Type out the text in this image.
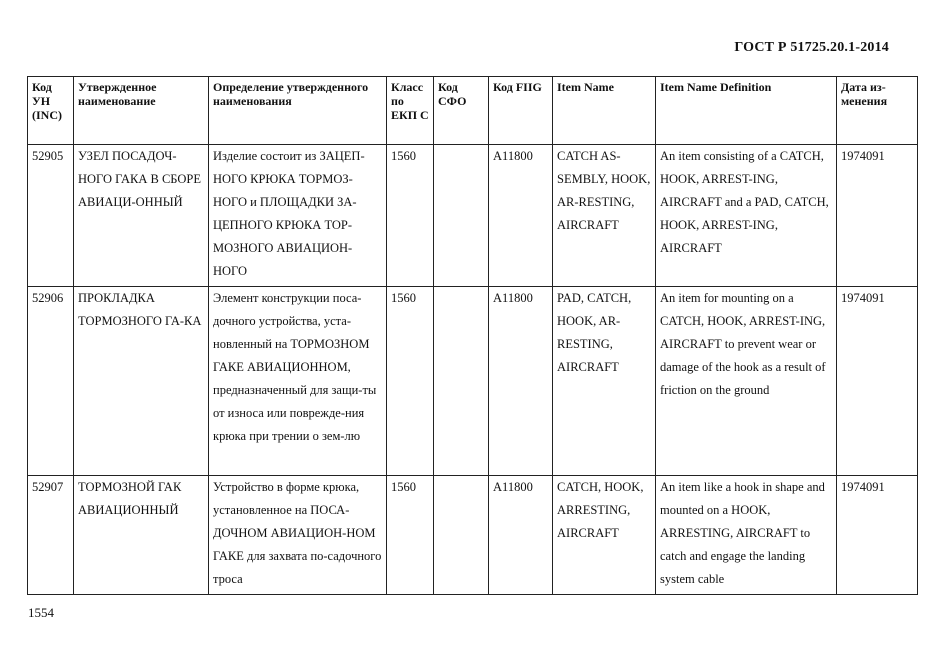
ГОСТ Р 51725.20.1-2014
Код УН (INC)	Утвержденное наименование	Определение утвержденного наименования	Класс по ЕКП С	Код СФО	Код FIIG	Item Name	Item Name Definition	Дата из-менения
52905	УЗЕЛ ПОСАДОЧ-НОГО ГАКА В СБОРЕ АВИАЦИ-ОННЫЙ	Изделие состоит из ЗАЦЕП-НОГО КРЮКА ТОРМОЗ-НОГО и ПЛОЩАДКИ ЗА-ЦЕПНОГО КРЮКА ТОР-МОЗНОГО АВИАЦИОН-НОГО	1560		A11800	CATCH AS-SEMBLY, HOOK, AR-RESTING, AIRCRAFT	An item consisting of a CATCH, HOOK, ARREST-ING, AIRCRAFT and a PAD, CATCH, HOOK, ARREST-ING, AIRCRAFT	1974091
52906	ПРОКЛАДКА ТОРМОЗНОГО ГА-КА	Элемент конструкции поса-дочного устройства, уста-новленный на ТОРМОЗНОМ ГАКЕ АВИАЦИОННОМ, предназначенный для защи-ты от износа или поврежде-ния крюка при трении о зем-лю	1560		A11800	PAD, CATCH, HOOK, AR-RESTING, AIRCRAFT	An item for mounting on a CATCH, HOOK, ARREST-ING, AIRCRAFT to prevent wear or damage of the hook as a result of friction on the ground	1974091
52907	ТОРМОЗНОЙ ГАК АВИАЦИОННЫЙ	Устройство в форме крюка, установленное на ПОСА-ДОЧНОМ АВИАЦИОН-НОМ ГАКЕ для захвата по-садочного троса	1560		A11800	CATCH, HOOK, ARRESTING, AIRCRAFT	An item like a hook in shape and mounted on a HOOK, ARRESTING, AIRCRAFT to catch and engage the landing system cable	1974091
1554
